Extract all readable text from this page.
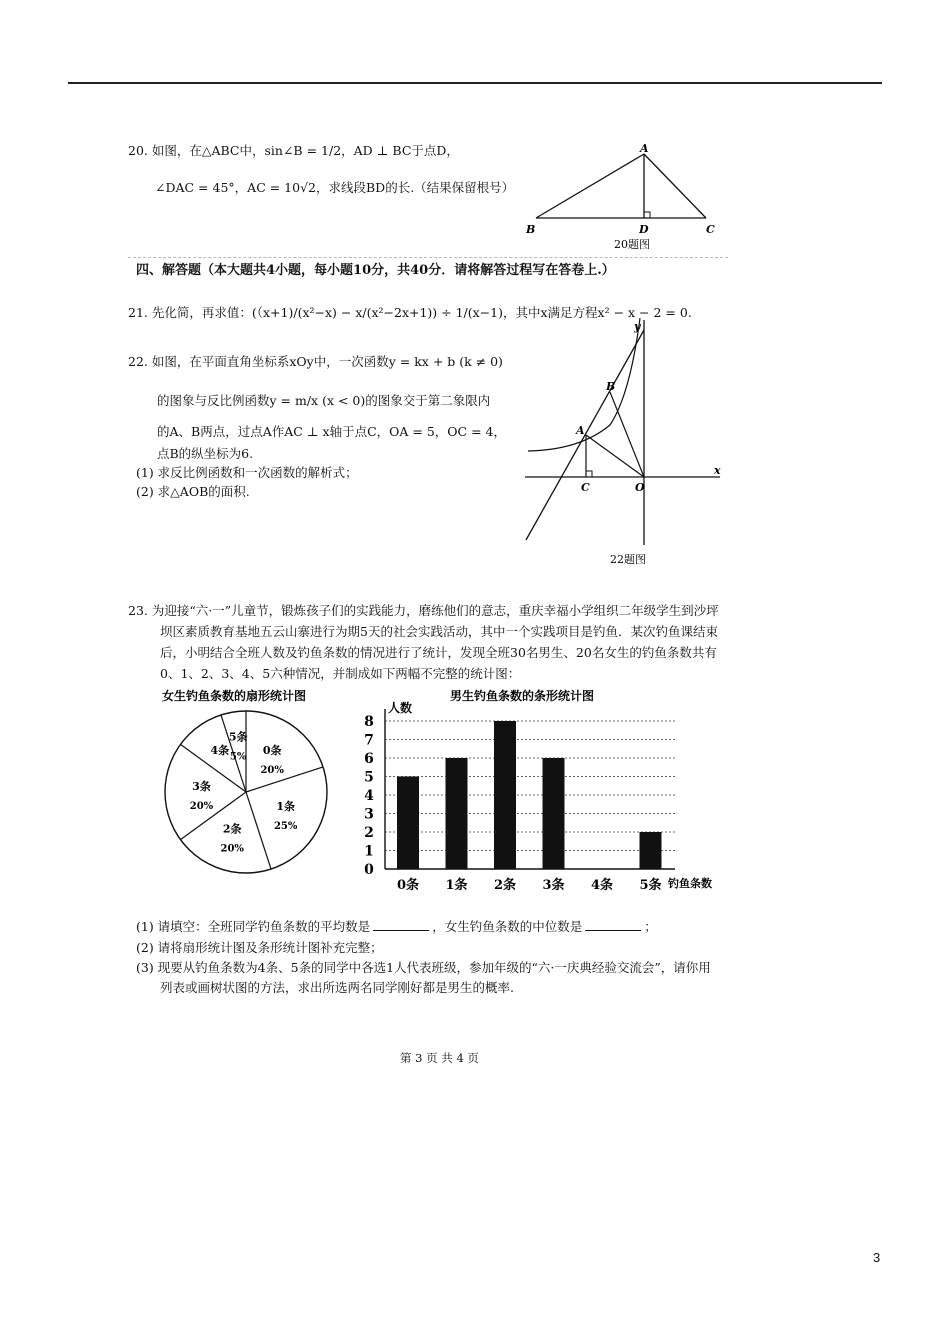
20. 如图，在△ABC中，sin∠B = 1/2，AD ⊥ BC于点D，
∠DAC = 45°，AC = 10√2，求线段BD的长.（结果保留根号）
A
B	D	C
20题图
四、解答题（本大题共4小题，每小题10分，共40分．请将解答过程写在答卷上.）
21. 先化简，再求值：(（x+1)/(x²−x) − x/(x²−2x+1)) ÷ 1/(x−1)，其中x满足方程x² − x − 2 = 0.
22. 如图，在平面直角坐标系xOy中，一次函数y = kx + b (k ≠ 0)
的图象与反比例函数y = m/x (x < 0)的图象交于第二象限内
的A、B两点，过点A作AC ⊥ x轴于点C，OA = 5，OC = 4，
点B的纵坐标为6.
(1) 求反比例函数和一次函数的解析式；
(2) 求△AOB的面积.
y
x
B
A
C	O
22题图
23. 为迎接“六·一”儿童节，锻炼孩子们的实践能力，磨练他们的意志，重庆幸福小学组织二年级学生到沙坪
坝区素质教育基地五云山寨进行为期5天的社会实践活动，其中一个实践项目是钓鱼．某次钓鱼课结束
后，小明结合全班人数及钓鱼条数的情况进行了统计，发现全班30名男生、20名女生的钓鱼条数共有
0、1、2、3、4、5六种情况，并制成如下两幅不完整的统计图：
女生钓鱼条数的扇形统计图
0条
20%
1条
25%
2条
20%
3条
20%
4条
5条
5%
男生钓鱼条数的条形统计图
人数
钓鱼条数
0
1
2
3
4
5
6
7
8
0条 1条 2条 3条 4条 5条
(1) 请填空：全班同学钓鱼条数的平均数是	，女生钓鱼条数的中位数是	；
(2) 请将扇形统计图及条形统计图补充完整；
(3) 现要从钓鱼条数为4条、5条的同学中各选1人代表班级，参加年级的“六·一庆典经验交流会”，请你用
列表或画树状图的方法，求出所选两名同学刚好都是男生的概率.
第 3 页 共 4 页
3
